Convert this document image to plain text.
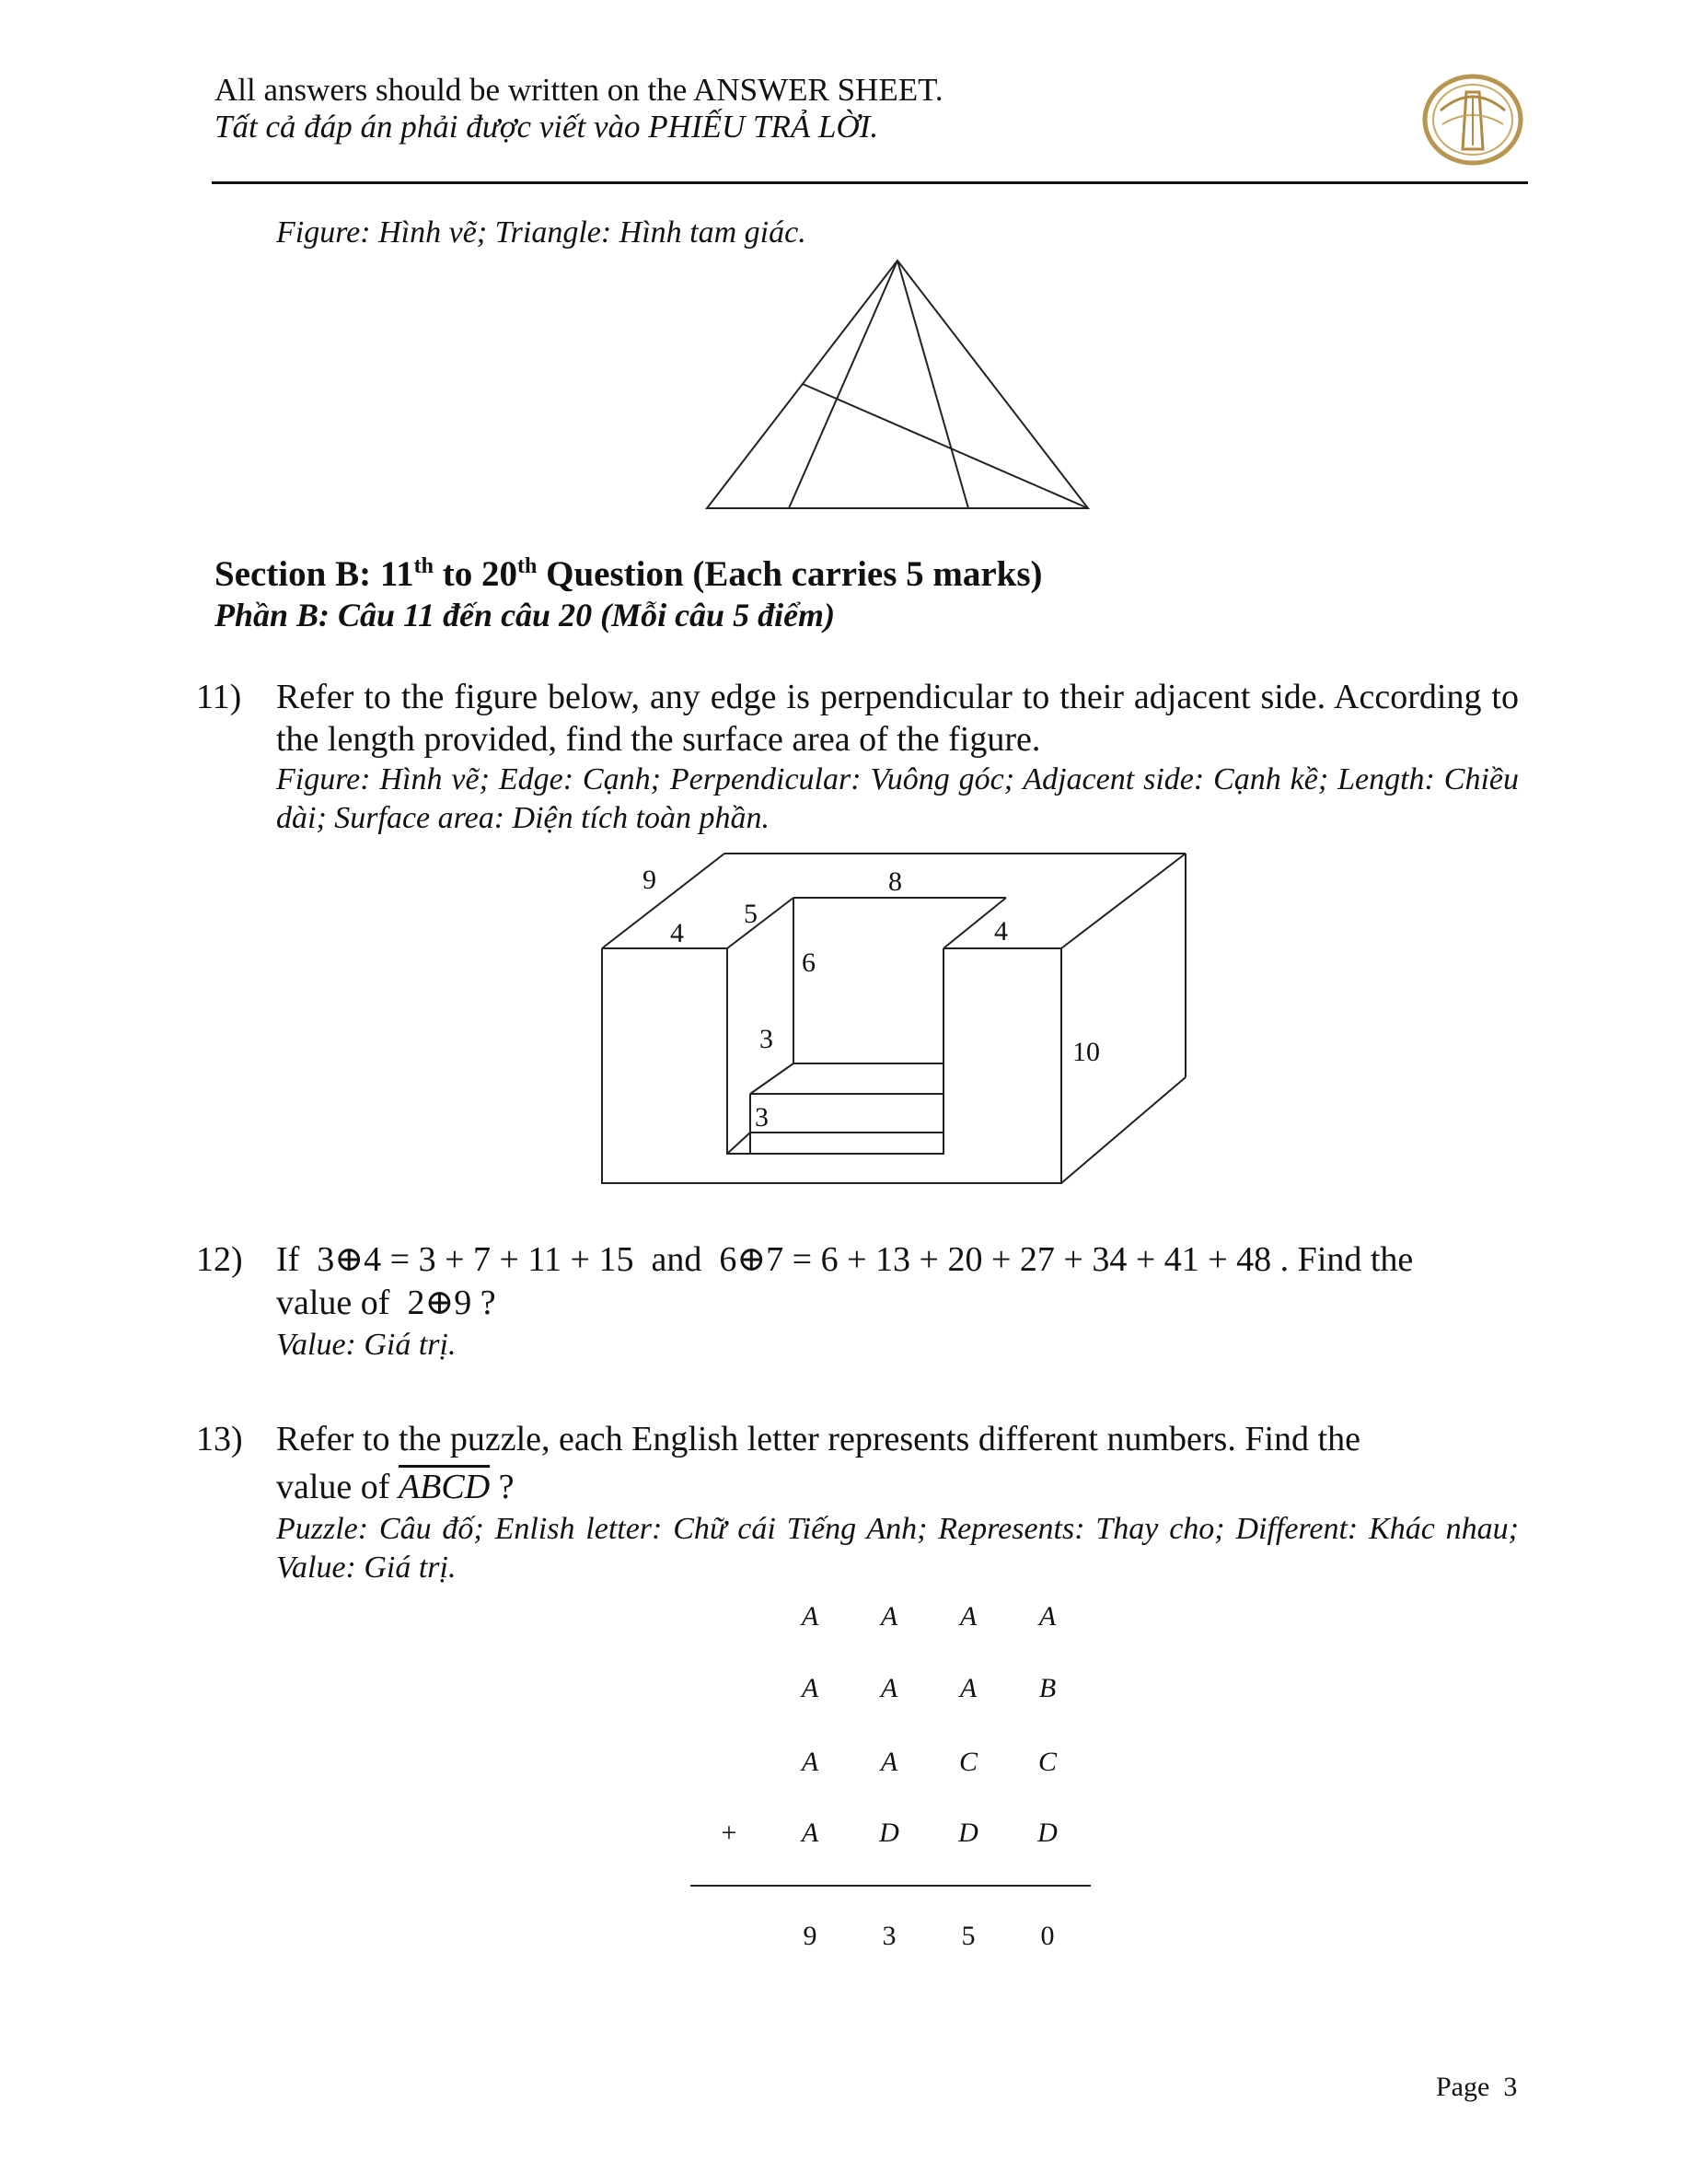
All answers should be written on the ANSWER SHEET.
Tất cả đáp án phải được viết vào PHIẾU TRẢ LỜI.
Figure: Hình vẽ; Triangle: Hình tam giác.
Section B: 11th to 20th Question (Each carries 5 marks)
Phần B: Câu 11 đến câu 20 (Mỗi câu 5 điểm)
11) Refer to the figure below, any edge is perpendicular to their adjacent side. According to the length provided, find the surface area of the figure.
Figure: Hình vẽ; Edge: Cạnh; Perpendicular: Vuông góc; Adjacent side: Cạnh kề; Length: Chiều dài; Surface area: Diện tích toàn phần.
9	8
4
5
4
6
3
3
10
12) If  3⊕4 = 3 + 7 + 11 + 15  and  6⊕7 = 6 + 13 + 20 + 27 + 34 + 41 + 48 . Find the
value of  2⊕9 ?
Value: Giá trị.
13) Refer to the puzzle, each English letter represents different numbers. Find the
value of ABCD ?
Puzzle: Câu đố; Enlish letter: Chữ cái Tiếng Anh; Represents: Thay cho; Different: Khác nhau; Value: Giá trị.
A A A A
A A A B
A A C C
+ A D D D
9 3 5 0
Page  3
